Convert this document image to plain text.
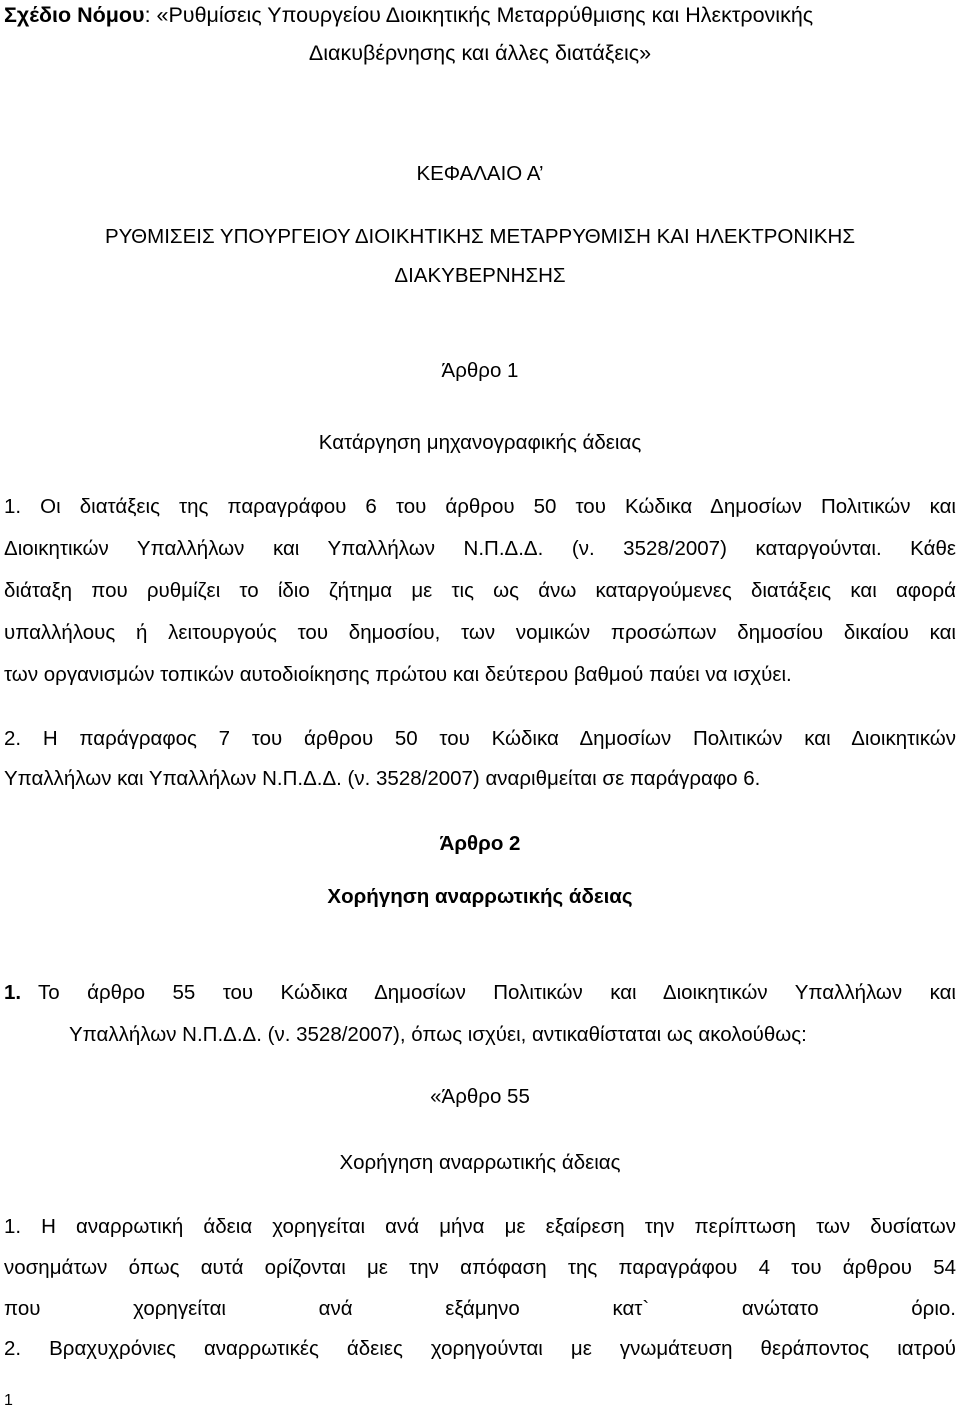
Σχέδιο Νόμου: «Ρυθμίσεις Υπουργείου Διοικητικής Μεταρρύθμισης και Ηλεκτρονικής
Διακυβέρνησης και άλλες διατάξεις»
ΚΕΦΑΛΑΙΟ Α’
ΡΥΘΜΙΣΕΙΣ ΥΠΟΥΡΓΕΙΟΥ ΔΙΟΙΚΗΤΙΚΗΣ ΜΕΤΑΡΡΥΘΜΙΣΗ ΚΑΙ ΗΛΕΚΤΡΟΝΙΚΗΣ
ΔΙΑΚΥΒΕΡΝΗΣΗΣ
Άρθρο 1
Κατάργηση μηχανογραφικής άδειας
1. Οι διατάξεις της παραγράφου 6 του άρθρου 50 του Κώδικα Δημοσίων Πολιτικών και
Διοικητικών Υπαλλήλων και Υπαλλήλων Ν.Π.Δ.Δ. (ν. 3528/2007) καταργούνται. Κάθε
διάταξη που ρυθμίζει το ίδιο ζήτημα με τις ως άνω καταργούμενες διατάξεις και αφορά
υπαλλήλους ή λειτουργούς του δημοσίου, των νομικών προσώπων δημοσίου δικαίου και
των οργανισμών τοπικών αυτοδιοίκησης πρώτου και δεύτερου βαθμού παύει να ισχύει.
2. Η παράγραφος 7 του άρθρου 50 του Κώδικα Δημοσίων Πολιτικών και Διοικητικών
Υπαλλήλων και Υπαλλήλων Ν.Π.Δ.Δ. (ν. 3528/2007) αναριθμείται σε παράγραφο 6.
Άρθρο 2
Χορήγηση αναρρωτικής άδειας
1. Το άρθρο 55 του Κώδικα Δημοσίων Πολιτικών και Διοικητικών Υπαλλήλων και
Υπαλλήλων Ν.Π.Δ.Δ. (ν. 3528/2007), όπως ισχύει, αντικαθίσταται ως ακολούθως:
«Άρθρο 55
Χορήγηση αναρρωτικής άδειας
1. Η αναρρωτική άδεια χορηγείται ανά μήνα με εξαίρεση την περίπτωση των δυσίατων
νοσημάτων όπως αυτά ορίζονται με την απόφαση της παραγράφου 4 του άρθρου 54
που χορηγείται ανά εξάμηνο κατ` ανώτατο όριο.
2. Βραχυχρόνιες αναρρωτικές άδειες χορηγούνται με γνωμάτευση θεράποντος ιατρού
1
